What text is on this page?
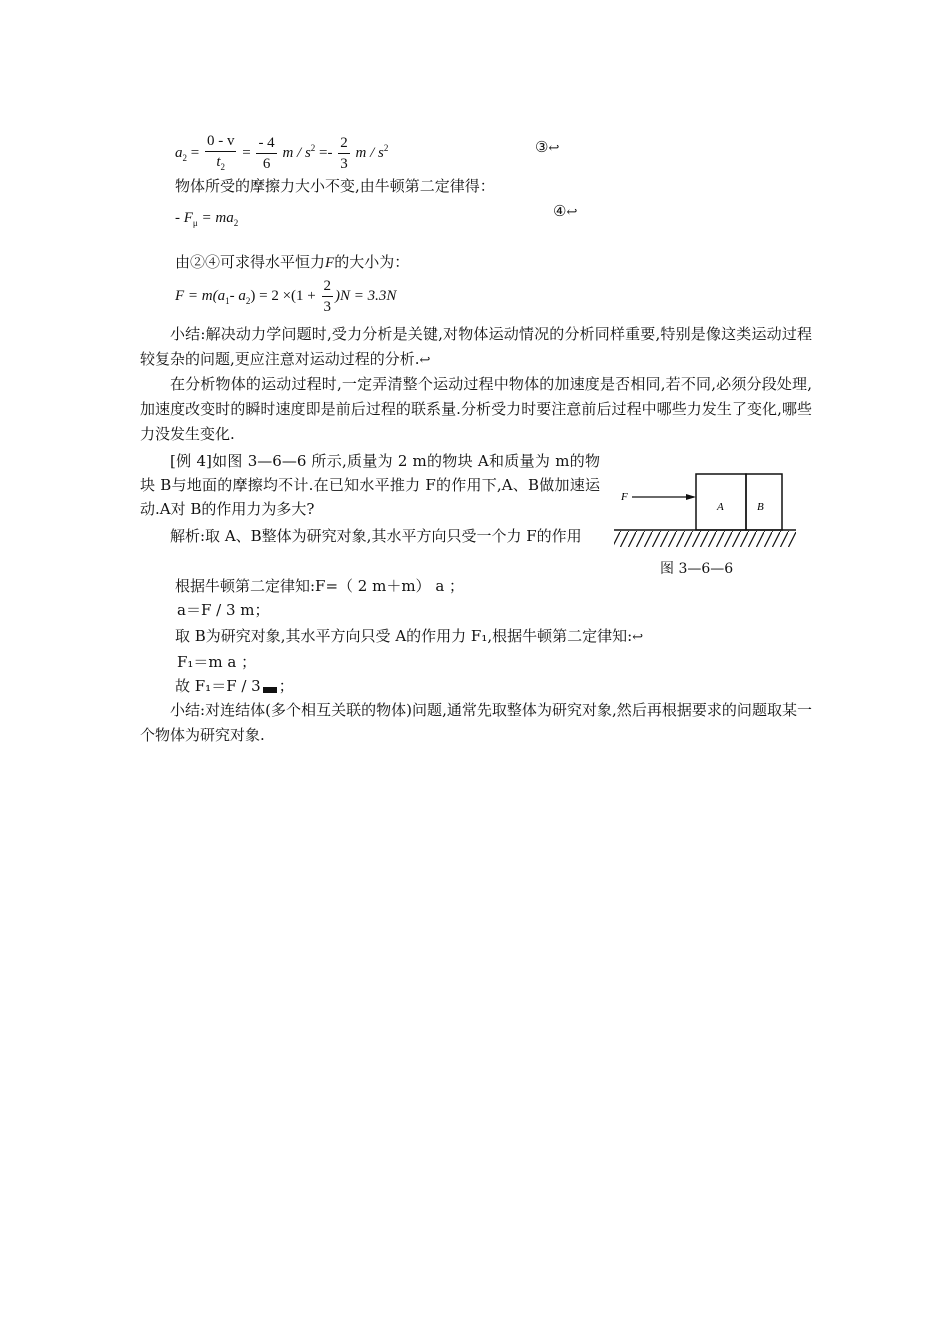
$a_2 = \frac{0 - v}{t_2} = \frac{- 4}{6}$ $m / s^2 =- \frac{2}{3}$ m / $s^2$	③↩
物体所受的摩擦力大小不变,由牛顿第二定律得：
- $F_\mu = ma_2$
④↩
由②④可求得水平恒力F的大小为：
$F = m(a_1-$ $a_2) = 2 \times(1 + \frac{2}{3} )N = 3.3N$
小结:解决动力学问题时,受力分析是关键,对物体运动情况的分析同样重要,特别是像这类运动过程较复杂的问题,更应注意对运动过程的分析.↩
在分析物体的运动过程时,一定弄清整个运动过程中物体的加速度是否相同,若不同,必须分段处理,加速度改变时的瞬时速度即是前后过程的联系量.分析受力时要注意前后过程中哪些力发生了变化,哪些力没发生变化.
[例 4]如图 3—6—6 所示,质量为 2 m的物块 A和质量为 m的物块 B与地面的摩擦均不计.在已知水平推力 F的作用下,A、B做加速运动.A对 B的作用力为多大?
解析:取 A、B整体为研究对象,其水平方向只受一个力 F的作用
F
A	B
图 3—6—6
根据牛顿第二定律知:F=（ 2 m＋m） a ；
a＝F / 3 m；
取 B为研究对象,其水平方向只受 A的作用力 F₁,根据牛顿第二定律知:↩
F₁＝m a ；
故 F₁＝F / 3 ；
小结:对连结体(多个相互关联的物体)问题,通常先取整体为研究对象,然后再根据要求的问题取某一个物体为研究对象.
